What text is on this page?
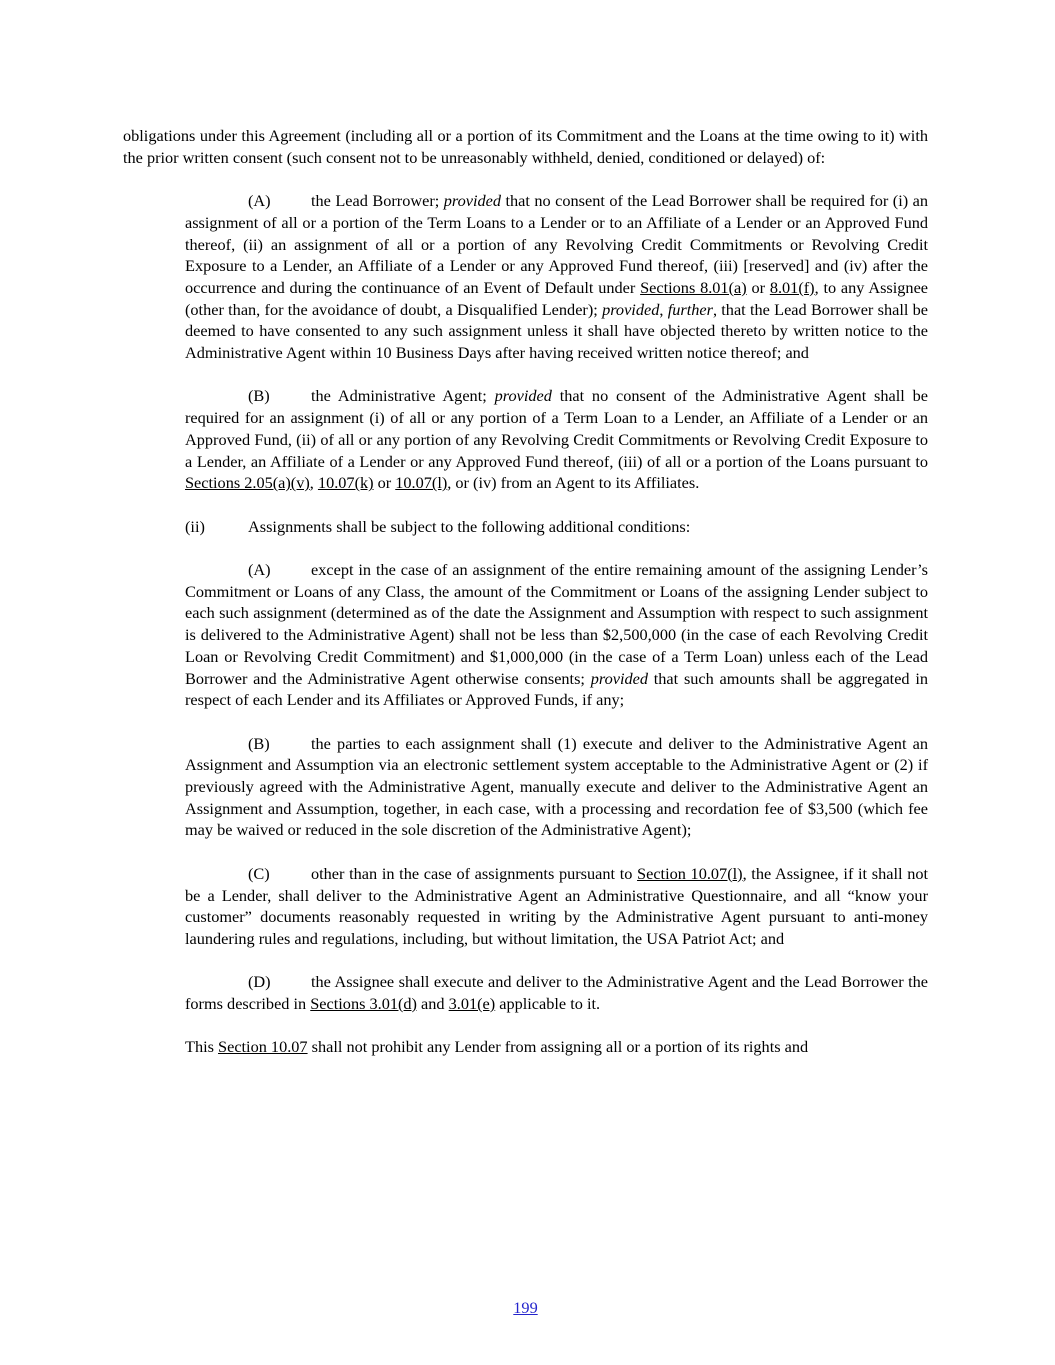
obligations under this Agreement (including all or a portion of its Commitment and the Loans at the time owing to it) with the prior written consent (such consent not to be unreasonably withheld, denied, conditioned or delayed) of:

(A) the Lead Borrower; provided that no consent of the Lead Borrower shall be required for (i) an assignment of all or a portion of the Term Loans to a Lender or to an Affiliate of a Lender or an Approved Fund thereof, (ii) an assignment of all or a portion of any Revolving Credit Commitments or Revolving Credit Exposure to a Lender, an Affiliate of a Lender or any Approved Fund thereof, (iii) [reserved] and (iv) after the occurrence and during the continuance of an Event of Default under Sections 8.01(a) or 8.01(f), to any Assignee (other than, for the avoidance of doubt, a Disqualified Lender); provided, further, that the Lead Borrower shall be deemed to have consented to any such assignment unless it shall have objected thereto by written notice to the Administrative Agent within 10 Business Days after having received written notice thereof; and

(B)	the Administrative Agent; provided that no consent of the Administrative Agent shall be required for an assignment (i) of all or any portion of a Term Loan to a Lender, an Affiliate of a Lender or an Approved Fund, (ii) of all or any portion of any Revolving Credit Commitments or Revolving Credit Exposure to a Lender, an Affiliate of a Lender or any Approved Fund thereof, (iii) of all or a portion of the Loans pursuant to Sections 2.05(a)(v), 10.07(k) or 10.07(l), or (iv) from an Agent to its Affiliates.

(ii)	Assignments shall be subject to the following additional conditions:

(A) except in the case of an assignment of the entire remaining amount of the assigning Lender’s Commitment or Loans of any Class, the amount of the Commitment or Loans of the assigning Lender subject to each such assignment (determined as of the date the Assignment and Assumption with respect to such assignment is delivered to the Administrative Agent) shall not be less than $2,500,000 (in the case of each Revolving Credit Loan or Revolving Credit Commitment) and $1,000,000 (in the case of a Term Loan) unless each of the Lead Borrower and the Administrative Agent otherwise consents; provided that such amounts shall be aggregated in respect of each Lender and its Affiliates or Approved Funds, if any;

(B)	the parties to each assignment shall (1) execute and deliver to the Administrative Agent an Assignment and Assumption via an electronic settlement system acceptable to the Administrative Agent or (2) if previously agreed with the Administrative Agent, manually execute and deliver to the Administrative Agent an Assignment and Assumption, together, in each case, with a processing and recordation fee of $3,500 (which fee may be waived or reduced in the sole discretion of the Administrative Agent);

(C)	other than in the case of assignments pursuant to Section 10.07(l), the Assignee, if it shall not be a Lender, shall deliver to the Administrative Agent an Administrative Questionnaire, and all “know your customer” documents reasonably requested in writing by the Administrative Agent pursuant to anti-money laundering rules and regulations, including, but without limitation, the USA Patriot Act; and

(D) the Assignee shall execute and deliver to the Administrative Agent and the Lead Borrower the forms described in Sections 3.01(d) and 3.01(e) applicable to it.

This Section 10.07 shall not prohibit any Lender from assigning all or a portion of its rights and

199
